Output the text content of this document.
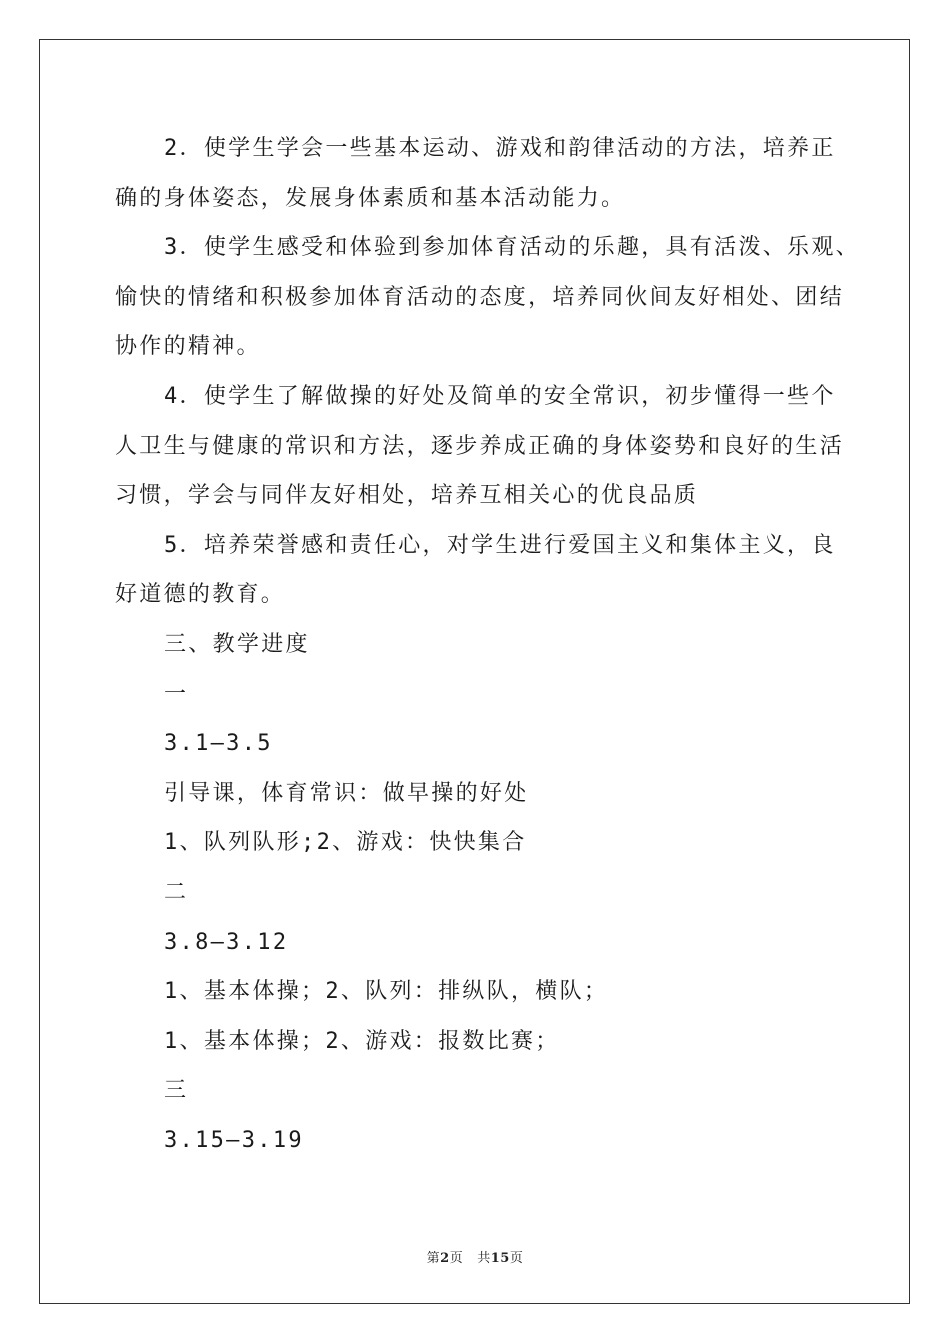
2．使学生学会一些基本运动、游戏和韵律活动的方法，培养正
确的身体姿态，发展身体素质和基本活动能力。
3．使学生感受和体验到参加体育活动的乐趣，具有活泼、乐观、
愉快的情绪和积极参加体育活动的态度，培养同伙间友好相处、团结
协作的精神。
4．使学生了解做操的好处及简单的安全常识，初步懂得一些个
人卫生与健康的常识和方法，逐步养成正确的身体姿势和良好的生活
习惯，学会与同伴友好相处，培养互相关心的优良品质
5．培养荣誉感和责任心，对学生进行爱国主义和集体主义，良
好道德的教育。
三、教学进度
一
3.1—3.5
引导课，体育常识：做早操的好处
1、队列队形;2、游戏：快快集合
二
3.8—3.12
1、基本体操；2、队列：排纵队，横队；
1、基本体操；2、游戏：报数比赛；
三
3.15—3.19
第2页 共15页
